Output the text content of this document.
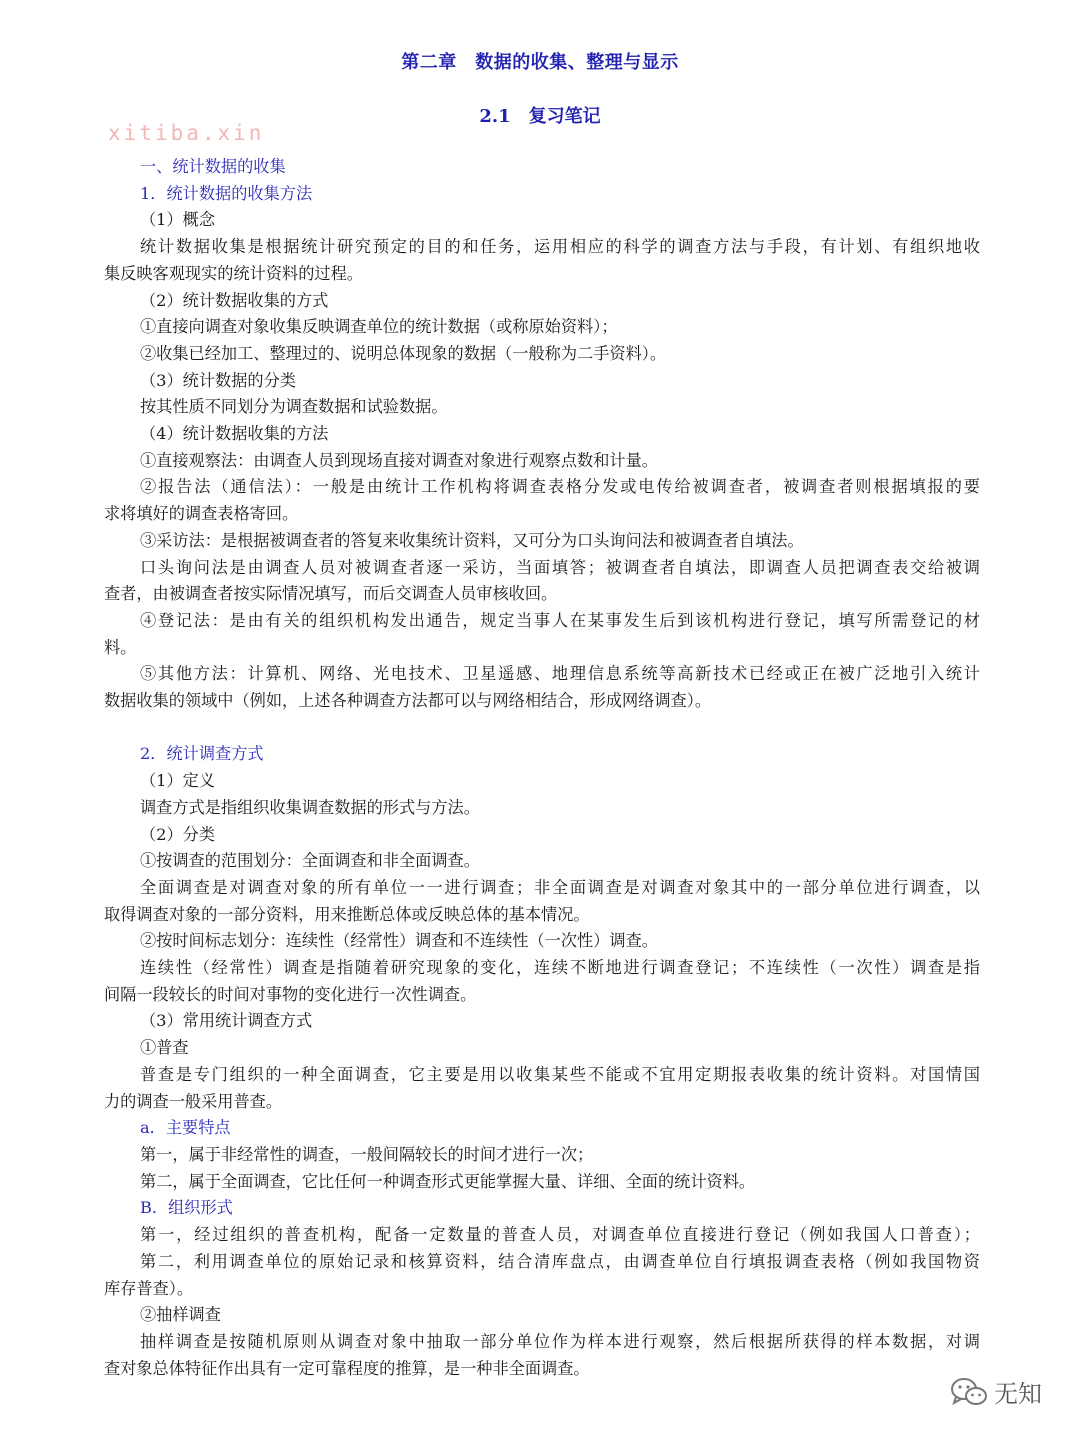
第二章　数据的收集、整理与显示
xitiba.xin
2.1　复习笔记
一、统计数据的收集
1．统计数据的收集方法
（1）概念
统计数据收集是根据统计研究预定的目的和任务，运用相应的科学的调查方法与手段，有计划、有组织地收
集反映客观现实的统计资料的过程。
（2）统计数据收集的方式
①直接向调查对象收集反映调查单位的统计数据（或称原始资料）；
②收集已经加工、整理过的、说明总体现象的数据（一般称为二手资料）。
（3）统计数据的分类
按其性质不同划分为调查数据和试验数据。
（4）统计数据收集的方法
①直接观察法：由调查人员到现场直接对调查对象进行观察点数和计量。
②报告法（通信法）：一般是由统计工作机构将调查表格分发或电传给被调查者，被调查者则根据填报的要
求将填好的调查表格寄回。
③采访法：是根据被调查者的答复来收集统计资料，又可分为口头询问法和被调查者自填法。
口头询问法是由调查人员对被调查者逐一采访，当面填答；被调查者自填法，即调查人员把调查表交给被调
查者，由被调查者按实际情况填写，而后交调查人员审核收回。
④登记法：是由有关的组织机构发出通告，规定当事人在某事发生后到该机构进行登记，填写所需登记的材
料。
⑤其他方法：计算机、网络、光电技术、卫星遥感、地理信息系统等高新技术已经或正在被广泛地引入统计
数据收集的领域中（例如，上述各种调查方法都可以与网络相结合，形成网络调查）。
2．统计调查方式
（1）定义
调查方式是指组织收集调查数据的形式与方法。
（2）分类
①按调查的范围划分：全面调查和非全面调查。
全面调查是对调查对象的所有单位一一进行调查；非全面调查是对调查对象其中的一部分单位进行调查，以
取得调查对象的一部分资料，用来推断总体或反映总体的基本情况。
②按时间标志划分：连续性（经常性）调查和不连续性（一次性）调查。
连续性（经常性）调查是指随着研究现象的变化，连续不断地进行调查登记；不连续性（一次性）调查是指
间隔一段较长的时间对事物的变化进行一次性调查。
（3）常用统计调查方式
①普查
普查是专门组织的一种全面调查，它主要是用以收集某些不能或不宜用定期报表收集的统计资料。对国情国
力的调查一般采用普查。
a．主要特点
第一，属于非经常性的调查，一般间隔较长的时间才进行一次；
第二，属于全面调查，它比任何一种调查形式更能掌握大量、详细、全面的统计资料。
B．组织形式
第一，经过组织的普查机构，配备一定数量的普查人员，对调查单位直接进行登记（例如我国人口普查）；
第二，利用调查单位的原始记录和核算资料，结合清库盘点，由调查单位自行填报调查表格（例如我国物资
库存普查）。
②抽样调查
抽样调查是按随机原则从调查对象中抽取一部分单位作为样本进行观察，然后根据所获得的样本数据，对调
查对象总体特征作出具有一定可靠程度的推算，是一种非全面调查。
无知
